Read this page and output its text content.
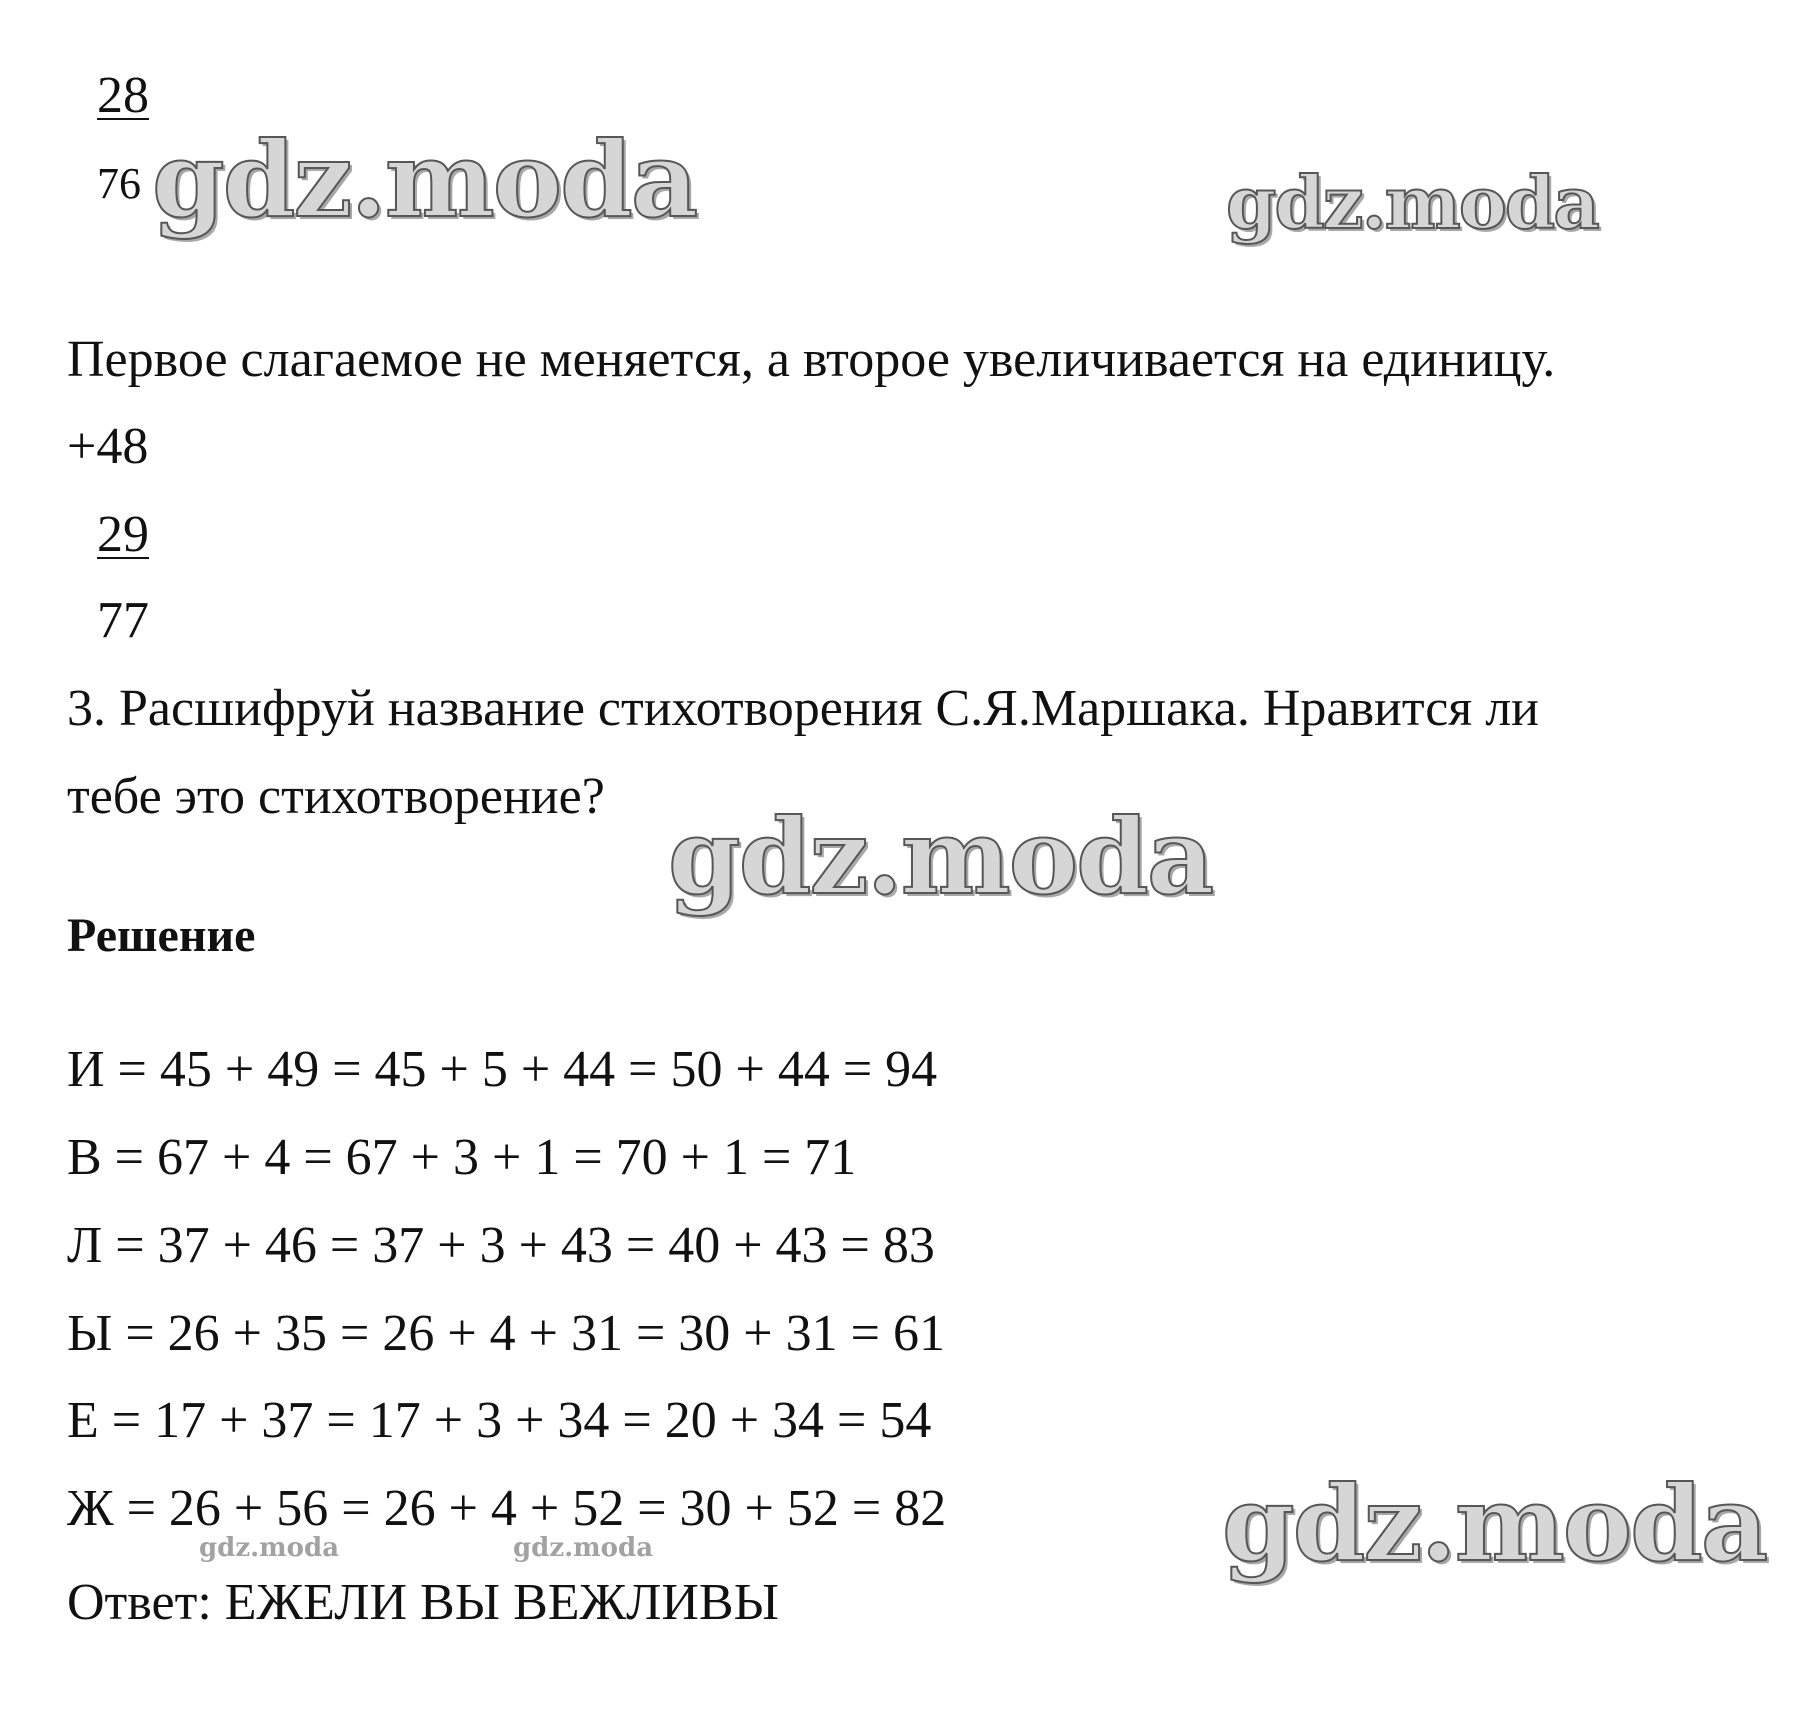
28
76
Первое слагаемое не меняется, а второе увеличивается на единицу.
+48
29
77
3. Расшифруй название стихотворения С.Я.Маршака. Нравится ли
тебе это стихотворение?
Решение
И = 45 + 49 = 45 + 5 + 44 = 50 + 44 = 94
В = 67 + 4 = 67 + 3 + 1 = 70 + 1 = 71
Л = 37 + 46 = 37 + 3 + 43 = 40 + 43 = 83
Ы = 26 + 35 = 26 + 4 + 31 = 30 + 31 = 61
Е = 17 + 37 = 17 + 3 + 34 = 20 + 34 = 54
Ж = 26 + 56 = 26 + 4 + 52 = 30 + 52 = 82
Ответ: ЕЖЕЛИ ВЫ ВЕЖЛИВЫ
gdz.moda	gdz.moda
gdz.moda
gdz.moda
gdz.moda	gdz.moda
